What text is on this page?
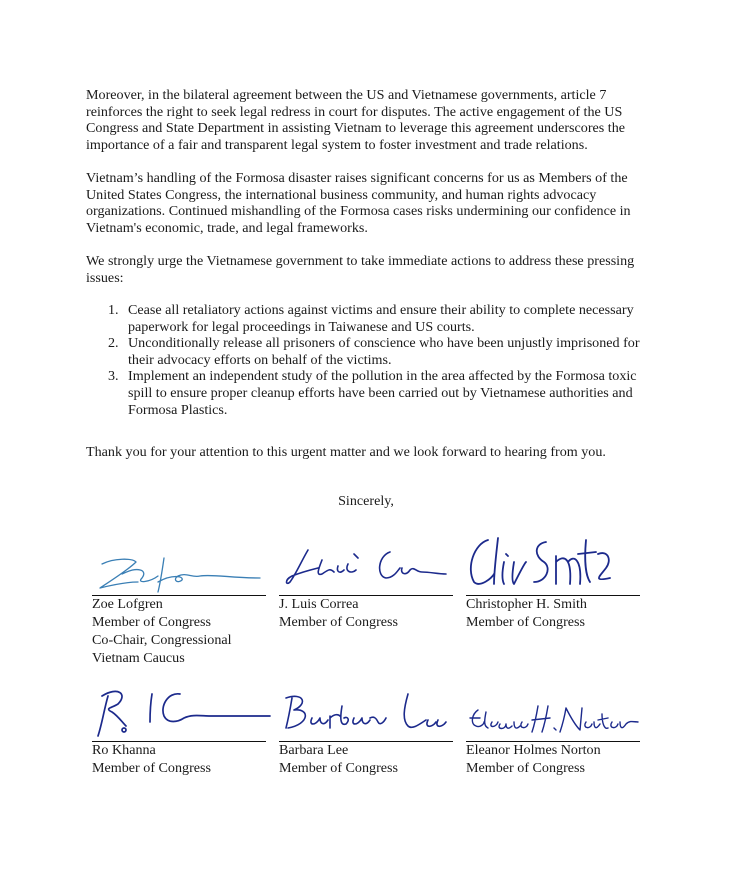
Moreover, in the bilateral agreement between the US and Vietnamese governments, article 7 reinforces the right to seek legal redress in court for disputes. The active engagement of the US Congress and State Department in assisting Vietnam to leverage this agreement underscores the importance of a fair and transparent legal system to foster investment and trade relations.

Vietnam’s handling of the Formosa disaster raises significant concerns for us as Members of the United States Congress, the international business community, and human rights advocacy organizations. Continued mishandling of the Formosa cases risks undermining our confidence in Vietnam's economic, trade, and legal frameworks.

We strongly urge the Vietnamese government to take immediate actions to address these pressing issues:

1. Cease all retaliatory actions against victims and ensure their ability to complete necessary paperwork for legal proceedings in Taiwanese and US courts.
2. Unconditionally release all prisoners of conscience who have been unjustly imprisoned for their advocacy efforts on behalf of the victims.
3. Implement an independent study of the pollution in the area affected by the Formosa toxic spill to ensure proper cleanup efforts have been carried out by Vietnamese authorities and Formosa Plastics.

Thank you for your attention to this urgent matter and we look forward to hearing from you.

Sincerely,
Zoe Lofgren
Member of Congress
Co-Chair, Congressional
Vietnam Caucus
J. Luis Correa
Member of Congress
Christopher H. Smith
Member of Congress
Ro Khanna
Member of Congress
Barbara Lee
Member of Congress
Eleanor Holmes Norton
Member of Congress
